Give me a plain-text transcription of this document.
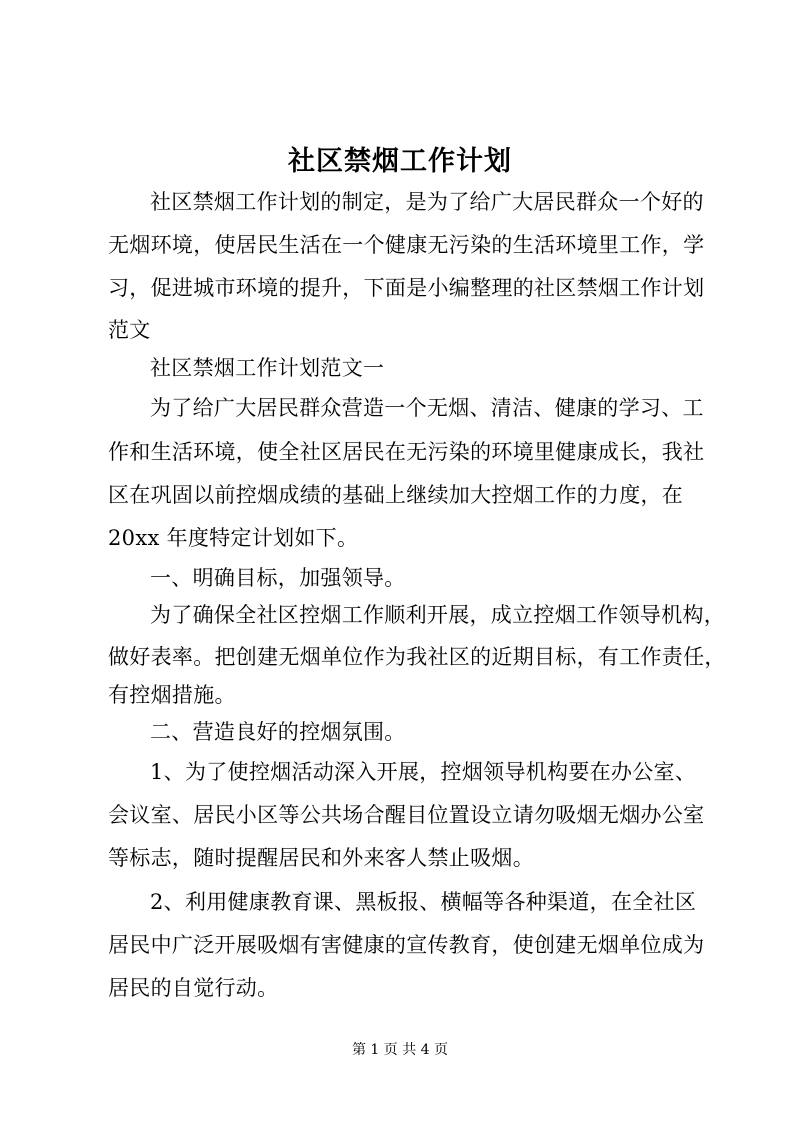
社区禁烟工作计划
社区禁烟工作计划的制定，是为了给广大居民群众一个好的
无烟环境，使居民生活在一个健康无污染的生活环境里工作，学
习，促进城市环境的提升，下面是小编整理的社区禁烟工作计划
范文
社区禁烟工作计划范文一
为了给广大居民群众营造一个无烟、清洁、健康的学习、工
作和生活环境，使全社区居民在无污染的环境里健康成长，我社
区在巩固以前控烟成绩的基础上继续加大控烟工作的力度，在
20xx 年度特定计划如下。
一、明确目标，加强领导。
为了确保全社区控烟工作顺利开展，成立控烟工作领导机构，
做好表率。把创建无烟单位作为我社区的近期目标，有工作责任，
有控烟措施。
二、营造良好的控烟氛围。
1、为了使控烟活动深入开展，控烟领导机构要在办公室、
会议室、居民小区等公共场合醒目位置设立请勿吸烟无烟办公室
等标志，随时提醒居民和外来客人禁止吸烟。
2、利用健康教育课、黑板报、横幅等各种渠道，在全社区
居民中广泛开展吸烟有害健康的宣传教育，使创建无烟单位成为
居民的自觉行动。
第 1 页 共 4 页
